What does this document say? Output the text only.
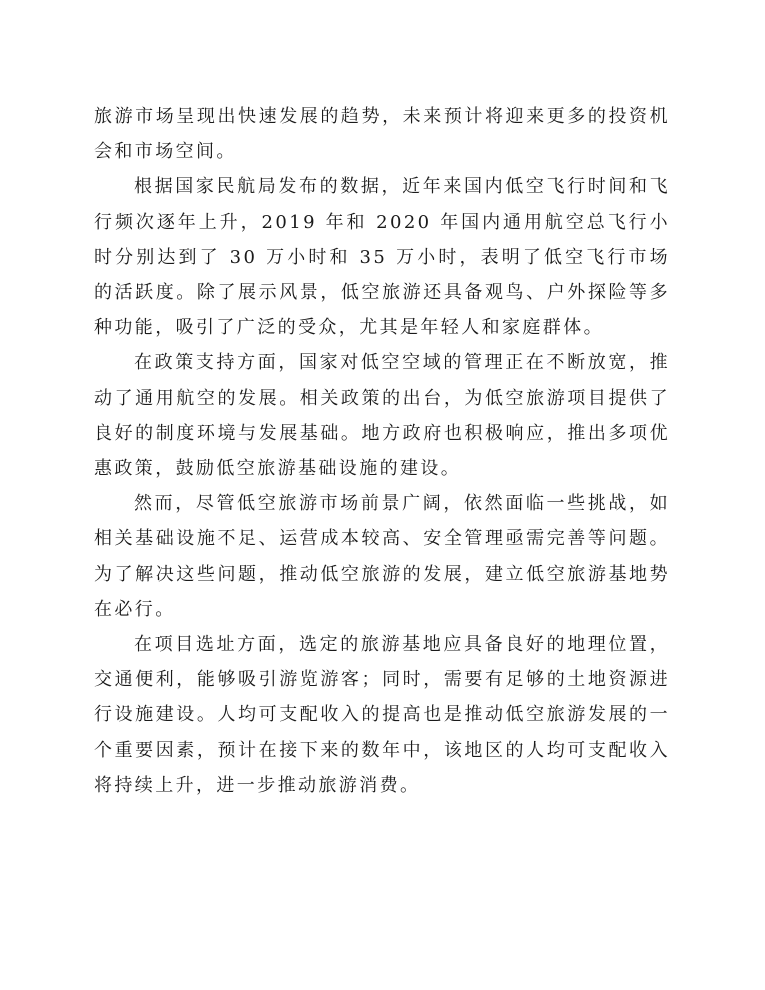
旅游市场呈现出快速发展的趋势，未来预计将迎来更多的投资机会和市场空间。

根据国家民航局发布的数据，近年来国内低空飞行时间和飞行频次逐年上升，2019 年和 2020 年国内通用航空总飞行小时分别达到了 30 万小时和 35 万小时，表明了低空飞行市场的活跃度。除了展示风景，低空旅游还具备观鸟、户外探险等多种功能，吸引了广泛的受众，尤其是年轻人和家庭群体。

在政策支持方面，国家对低空空域的管理正在不断放宽，推动了通用航空的发展。相关政策的出台，为低空旅游项目提供了良好的制度环境与发展基础。地方政府也积极响应，推出多项优惠政策，鼓励低空旅游基础设施的建设。

然而，尽管低空旅游市场前景广阔，依然面临一些挑战，如相关基础设施不足、运营成本较高、安全管理亟需完善等问题。为了解决这些问题，推动低空旅游的发展，建立低空旅游基地势在必行。

在项目选址方面，选定的旅游基地应具备良好的地理位置，交通便利，能够吸引游览游客；同时，需要有足够的土地资源进行设施建设。人均可支配收入的提高也是推动低空旅游发展的一个重要因素，预计在接下来的数年中，该地区的人均可支配收入将持续上升，进一步推动旅游消费。
